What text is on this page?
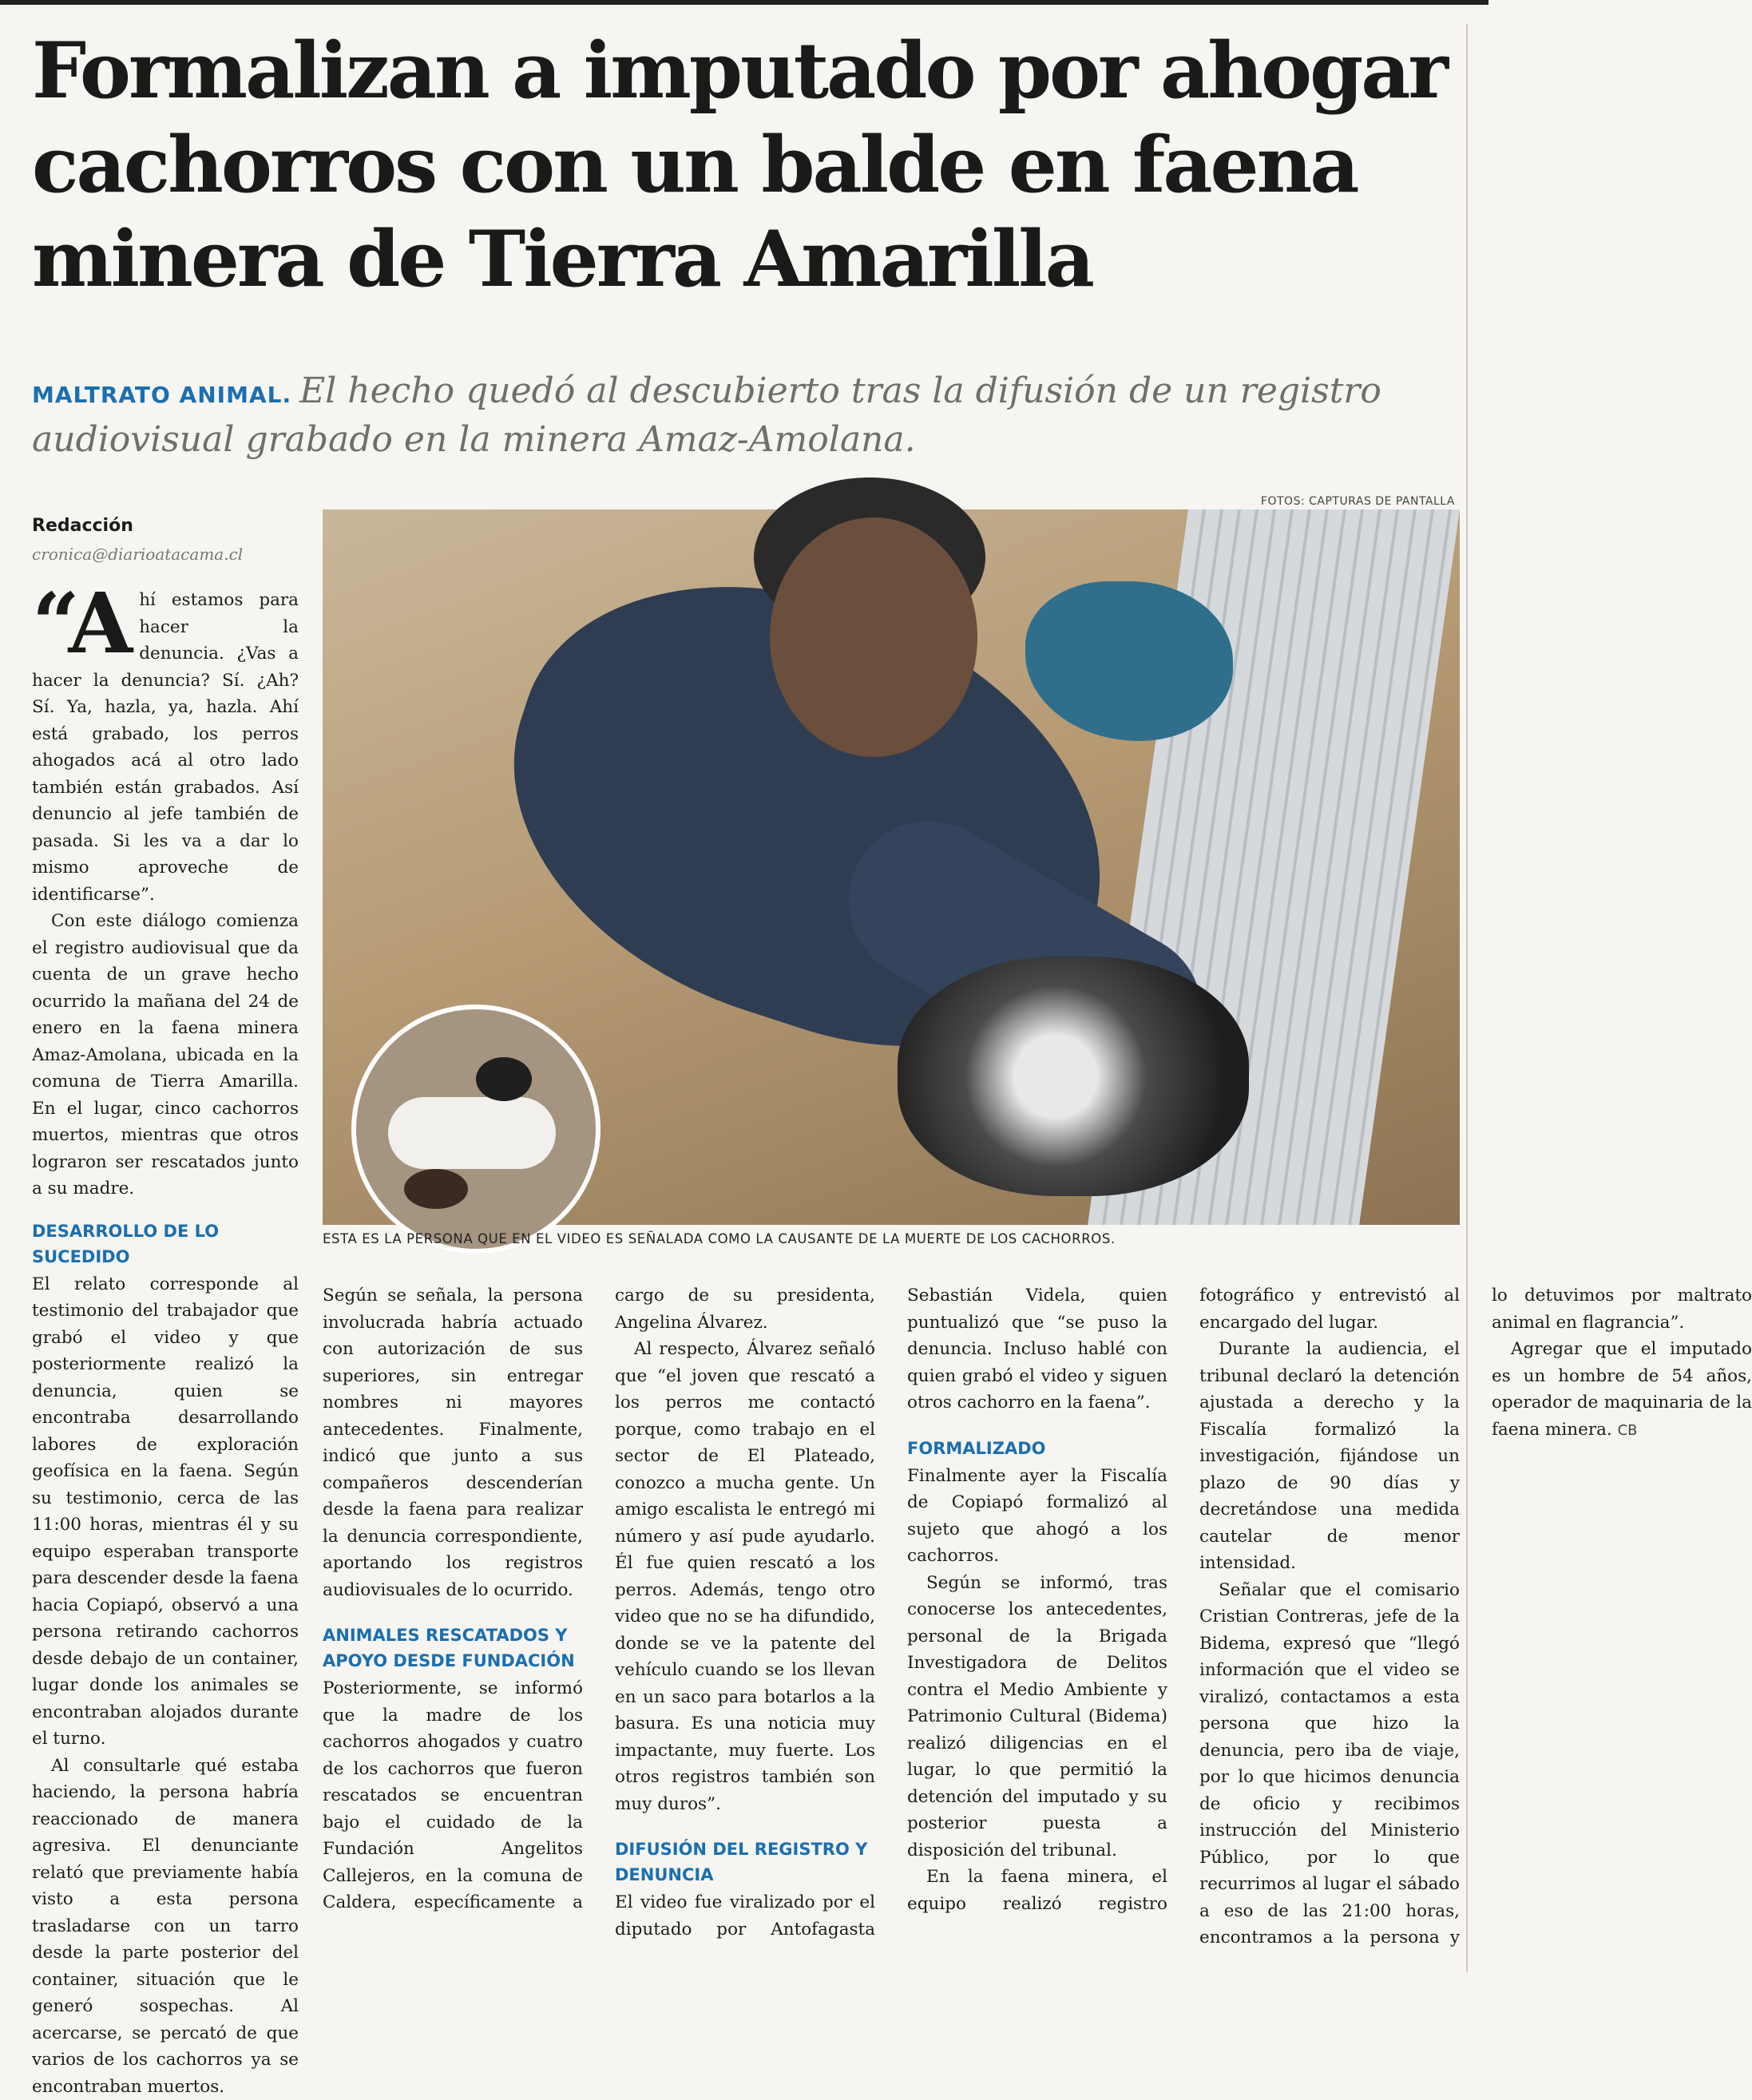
Formalizan a imputado por ahogar cachorros con un balde en faena minera de Tierra Amarilla

MALTRATO ANIMAL. El hecho quedó al descubierto tras la difusión de un registro audiovisual grabado en la minera Amaz-Amolana.

FOTOS: CAPTURAS DE PANTALLA

Redacción

cronica@diarioatacama.cl

“Ahí estamos para hacer la denuncia. ¿Vas a hacer la denuncia? Sí. ¿Ah? Sí. Ya, hazla, ya, hazla. Ahí está grabado, los perros ahogados acá al otro lado también están grabados. Así denuncio al jefe también de pasada. Si les va a dar lo mismo aproveche de identificarse”.

Con este diálogo comienza el registro audiovisual que da cuenta de un grave hecho ocurrido la mañana del 24 de enero en la faena minera Amaz-Amolana, ubicada en la comuna de Tierra Amarilla. En el lugar, cinco cachorros muertos, mientras que otros lograron ser rescatados junto a su madre.

DESARROLLO DE LO SUCEDIDO

El relato corresponde al testimonio del trabajador que grabó el video y que posteriormente realizó la denuncia, quien se encontraba desarrollando labores de exploración geofísica en la faena. Según su testimonio, cerca de las 11:00 horas, mientras él y su equipo esperaban transporte para descender desde la faena hacia Copiapó, observó a una persona retirando cachorros desde debajo de un container, lugar donde los animales se encontraban alojados durante el turno.

Al consultarle qué estaba haciendo, la persona habría reaccionado de manera agresiva. El denunciante relató que previamente había visto a esta persona trasladarse con un tarro desde la parte posterior del container, situación que le generó sospechas. Al acercarse, se percató de que varios de los cachorros ya se encontraban muertos.

ESTA ES LA PERSONA QUE EN EL VIDEO ES SEÑALADA COMO LA CAUSANTE DE LA MUERTE DE LOS CACHORROS.

Según se señala, la persona involucrada habría actuado con autorización de sus superiores, sin entregar nombres ni mayores antecedentes. Finalmente, indicó que junto a sus compañeros descenderían desde la faena para realizar la denuncia correspondiente, aportando los registros audiovisuales de lo ocurrido.

ANIMALES RESCATADOS Y APOYO DESDE FUNDACIÓN

Posteriormente, se informó que la madre de los cachorros ahogados y cuatro de los cachorros que fueron rescatados se encuentran bajo el cuidado de la Fundación Angelitos Callejeros, en la comuna de Caldera, específicamente a cargo de su presidenta, Angelina Álvarez.

Al respecto, Álvarez señaló que “el joven que rescató a los perros me contactó porque, como trabajo en el sector de El Plateado, conozco a mucha gente. Un amigo escalista le entregó mi número y así pude ayudarlo. Él fue quien rescató a los perros. Además, tengo otro video que no se ha difundido, donde se ve la patente del vehículo cuando se los llevan en un saco para botarlos a la basura. Es una noticia muy impactante, muy fuerte. Los otros registros también son muy duros”.

DIFUSIÓN DEL REGISTRO Y DENUNCIA

El video fue viralizado por el diputado por Antofagasta Sebastián Videla, quien puntualizó que “se puso la denuncia. Incluso hablé con quien grabó el video y siguen otros cachorro en la faena”.

FORMALIZADO

Finalmente ayer la Fiscalía de Copiapó formalizó al sujeto que ahogó a los cachorros.

Según se informó, tras conocerse los antecedentes, personal de la Brigada Investigadora de Delitos contra el Medio Ambiente y Patrimonio Cultural (Bidema) realizó diligencias en el lugar, lo que permitió la detención del imputado y su posterior puesta a disposición del tribunal.

En la faena minera, el equipo realizó registro fotográfico y entrevistó al encargado del lugar.

Durante la audiencia, el tribunal declaró la detención ajustada a derecho y la Fiscalía formalizó la investigación, fijándose un plazo de 90 días y decretándose una medida cautelar de menor intensidad.

Señalar que el comisario Cristian Contreras, jefe de la Bidema, expresó que “llegó información que el video se viralizó, contactamos a esta persona que hizo la denuncia, pero iba de viaje, por lo que hicimos denuncia de oficio y recibimos instrucción del Ministerio Público, por lo que recurrimos al lugar el sábado a eso de las 21:00 horas, encontramos a la persona y lo detuvimos por maltrato animal en flagrancia”.

Agregar que el imputado es un hombre de 54 años, operador de maquinaria de la faena minera. CB
